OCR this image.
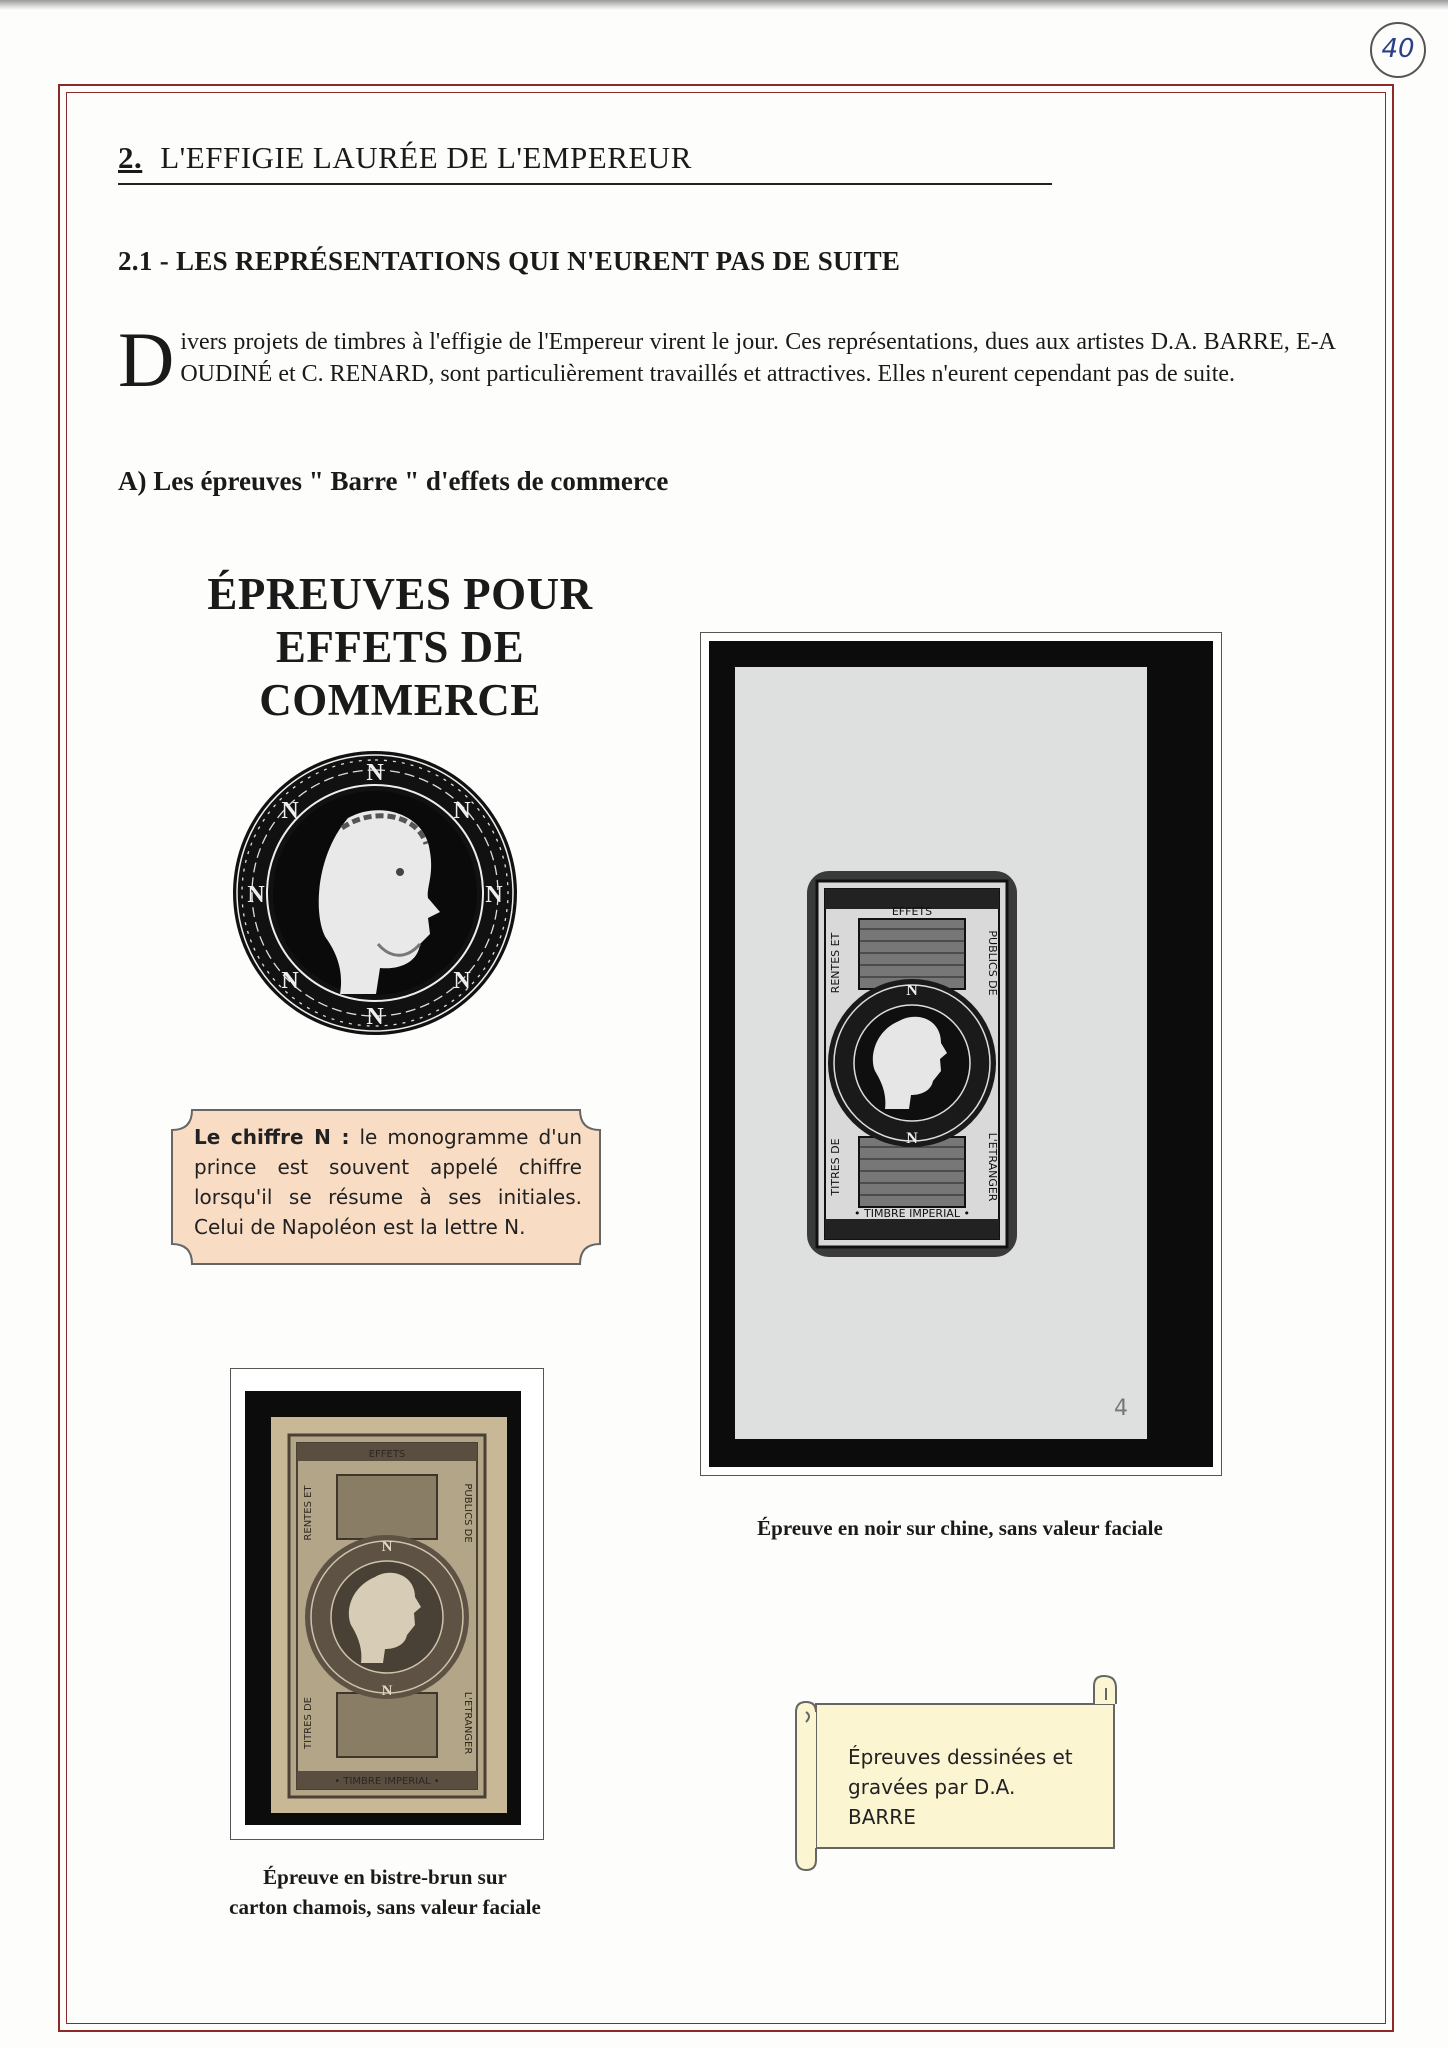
40
2. L'EFFIGIE LAURÉE DE L'EMPEREUR
2.1 - LES REPRÉSENTATIONS QUI N'EURENT PAS DE SUITE
Divers projets de timbres à l'effigie de l'Empereur virent le jour. Ces représentations, dues aux artistes D.A. BARRE, E-A OUDINÉ et C. RENARD, sont particulièrement travaillés et attractives. Elles n'eurent cependant pas de suite.
A) Les épreuves " Barre " d'effets de commerce
ÉPREUVES POUR
EFFETS DE
COMMERCE
N
N
N	N
N	N
N	N
Le chiffre N : le monogramme d'un prince est souvent appelé chiffre lorsqu'il se résume à ses initiales. Celui de Napoléon est la lettre N.
N
N
EFFETS
• TIMBRE IMPERIAL •
RENTES ET	PUBLICS DE
TITRES DE	L'ETRANGER
4
Épreuve en noir sur chine, sans valeur faciale
N
N
EFFETS
• TIMBRE IMPERIAL •
RENTES ET	PUBLICS DE
TITRES DE	L'ETRANGER
Épreuve en bistre-brun sur
carton chamois, sans valeur faciale
Épreuves dessinées et gravées par D.A. BARRE
